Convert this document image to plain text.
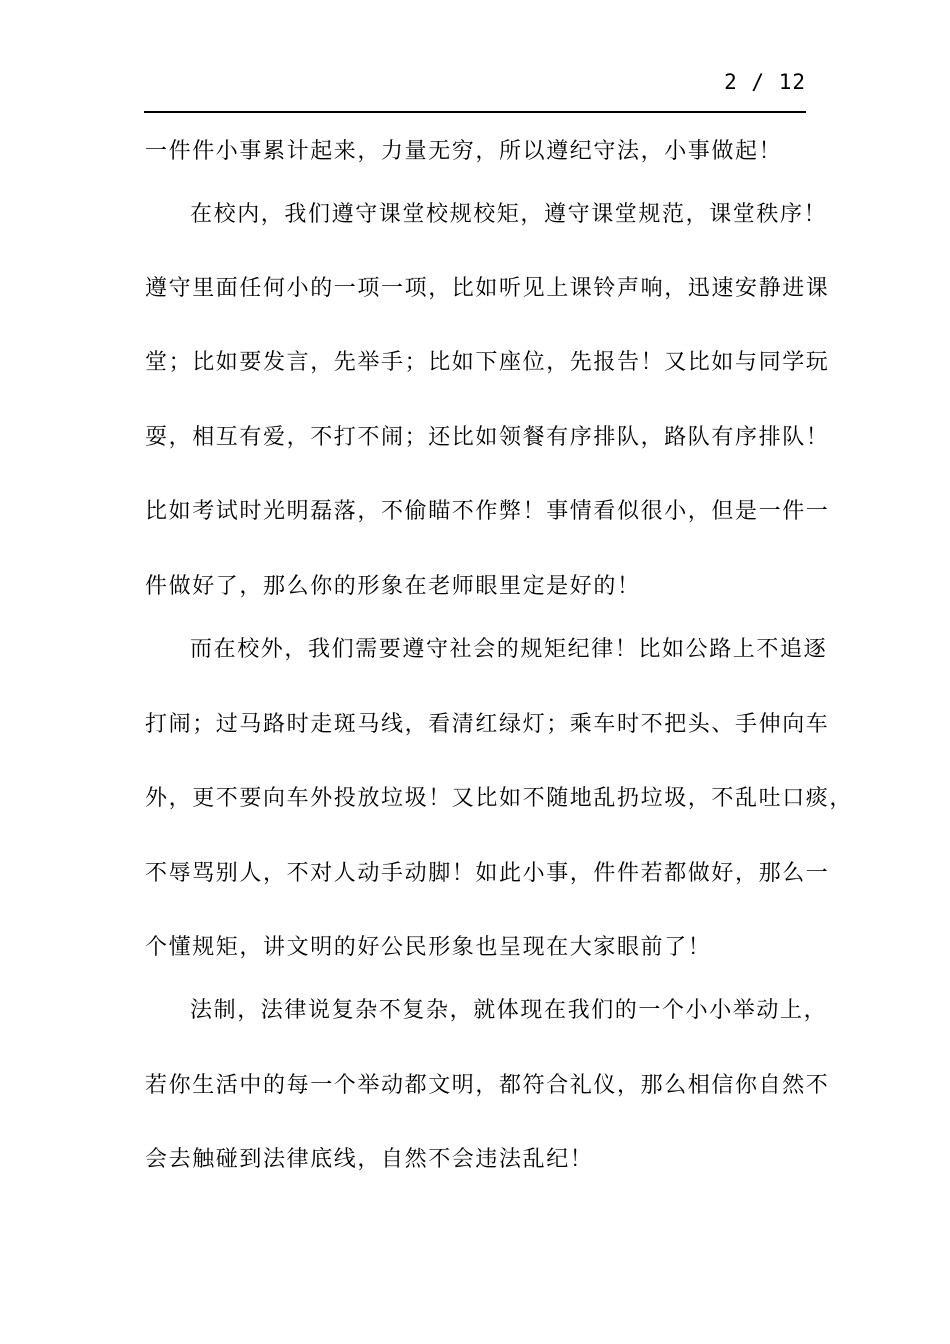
2 / 12
一件件小事累计起来，力量无穷，所以遵纪守法，小事做起！
在校内，我们遵守课堂校规校矩，遵守课堂规范，课堂秩序！
遵守里面任何小的一项一项，比如听见上课铃声响，迅速安静进课
堂；比如要发言，先举手；比如下座位，先报告！又比如与同学玩
耍，相互有爱，不打不闹；还比如领餐有序排队，路队有序排队！
比如考试时光明磊落，不偷瞄不作弊！事情看似很小，但是一件一
件做好了，那么你的形象在老师眼里定是好的！
而在校外，我们需要遵守社会的规矩纪律！比如公路上不追逐
打闹；过马路时走斑马线，看清红绿灯；乘车时不把头、手伸向车
外，更不要向车外投放垃圾！又比如不随地乱扔垃圾，不乱吐口痰，
不辱骂别人，不对人动手动脚！如此小事，件件若都做好，那么一
个懂规矩，讲文明的好公民形象也呈现在大家眼前了！
法制，法律说复杂不复杂，就体现在我们的一个小小举动上，
若你生活中的每一个举动都文明，都符合礼仪，那么相信你自然不
会去触碰到法律底线，自然不会违法乱纪！
